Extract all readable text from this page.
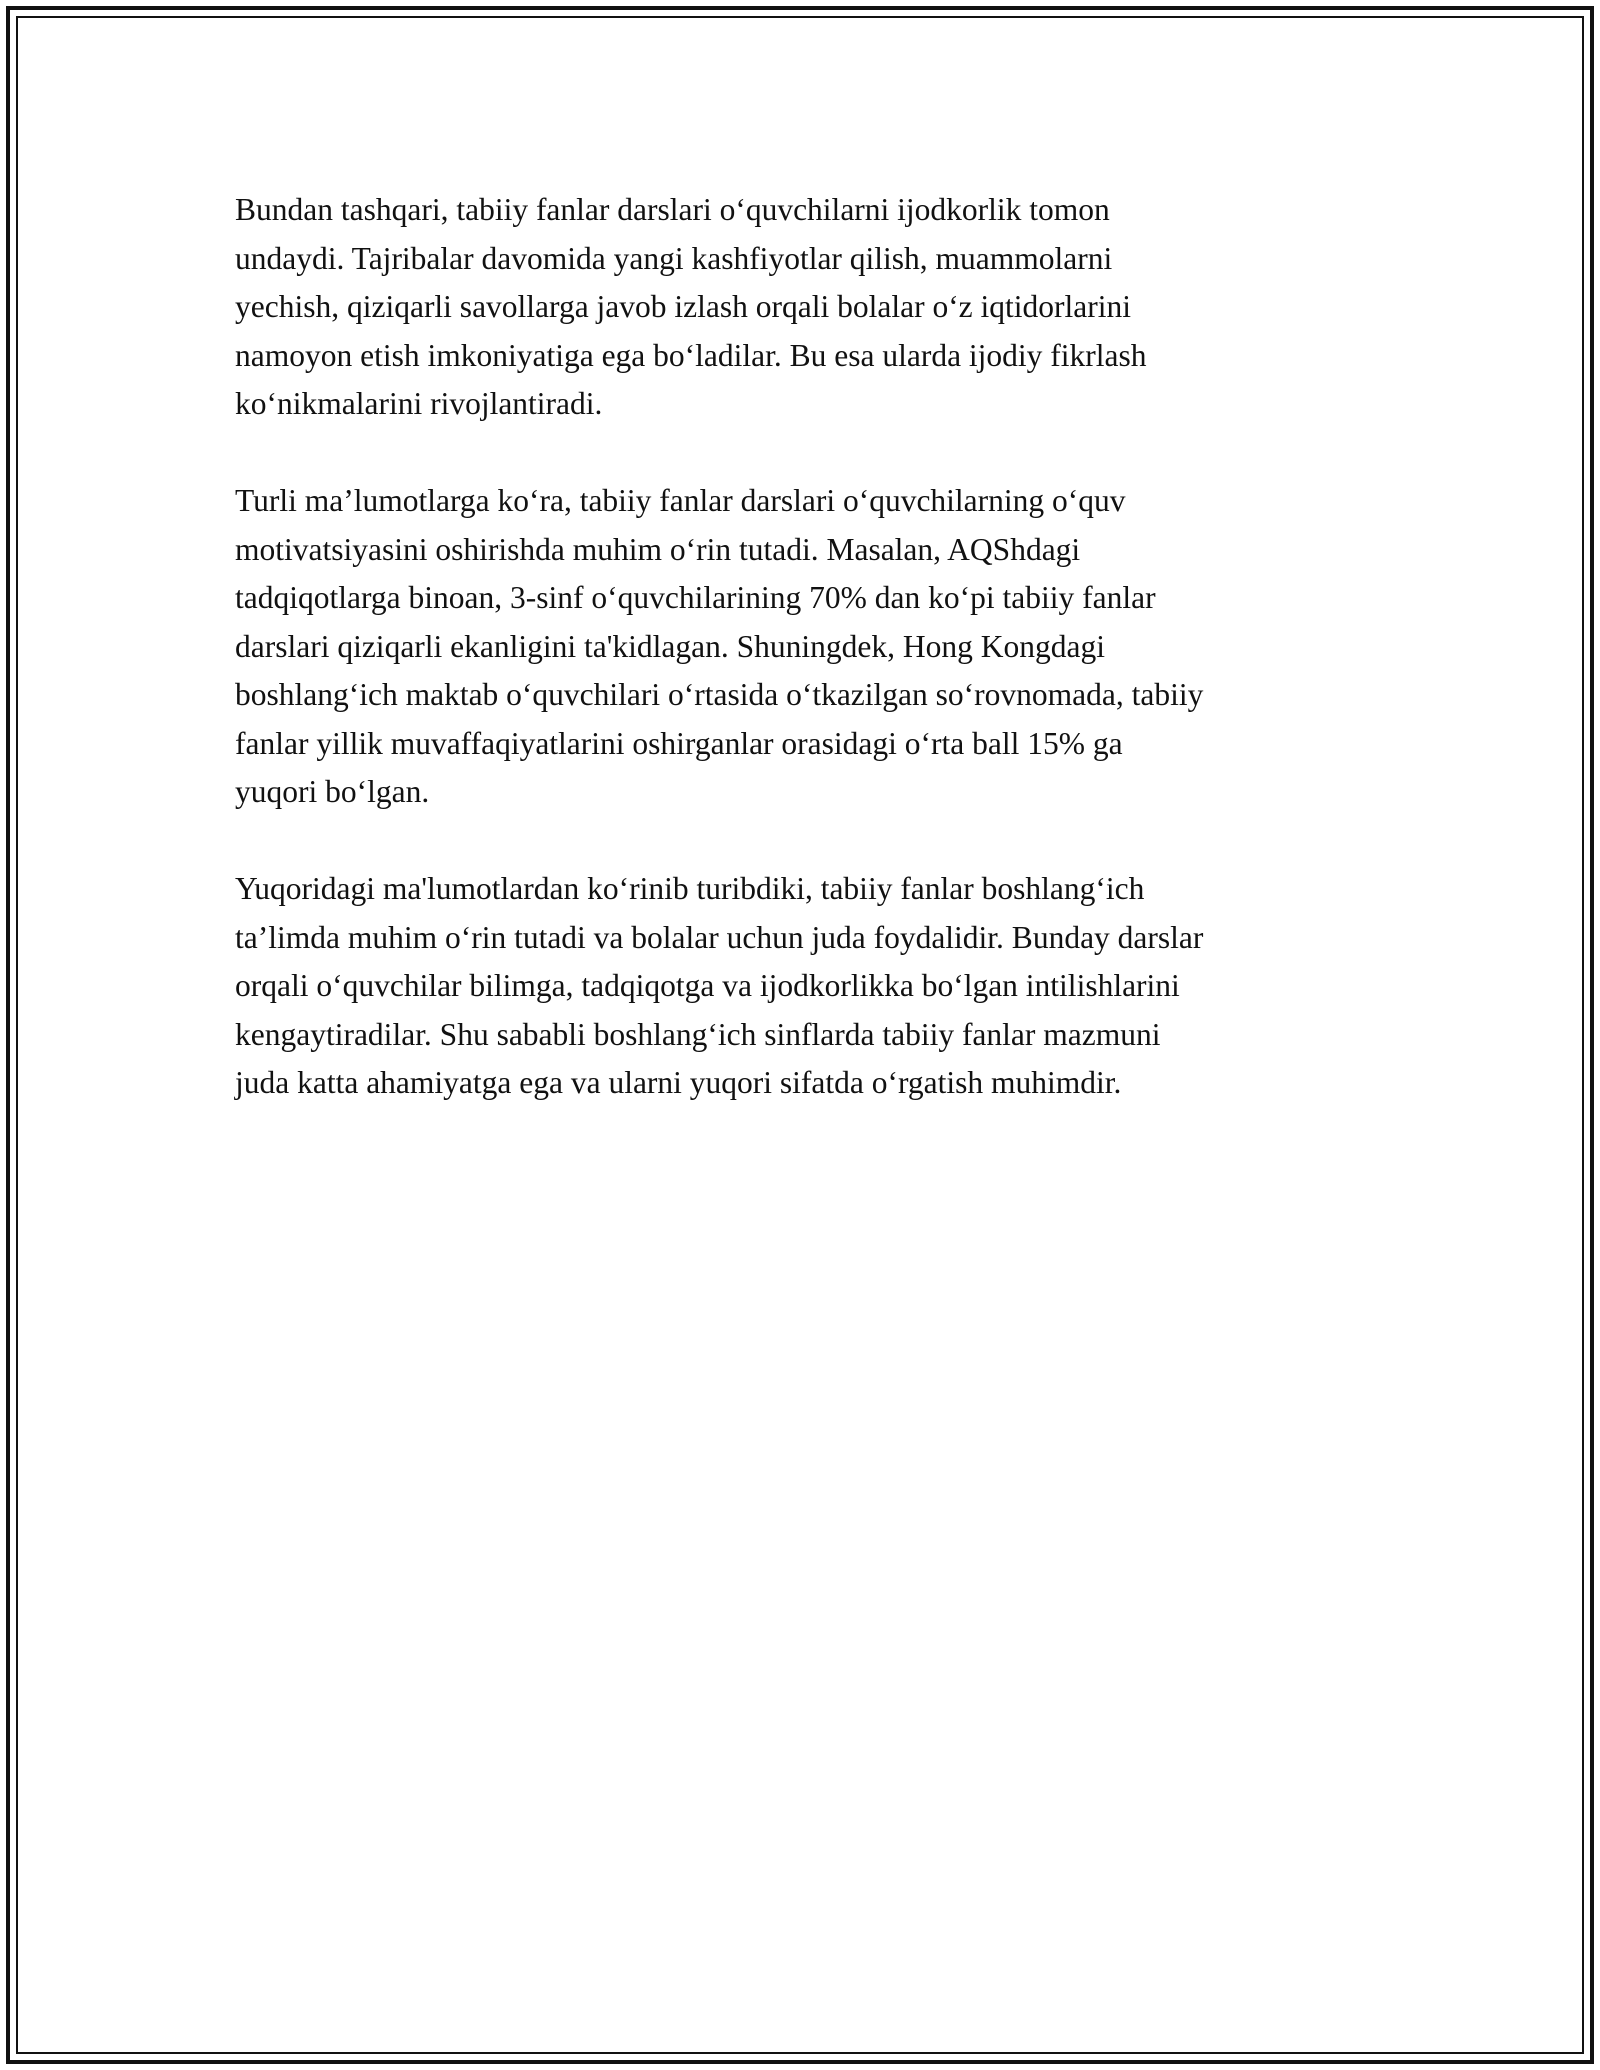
Bundan tashqari, tabiiy fanlar darslari o‘quvchilarni ijodkorlik tomon
undaydi. Tajribalar davomida yangi kashfiyotlar qilish, muammolarni
yechish, qiziqarli savollarga javob izlash orqali bolalar o‘z iqtidorlarini
namoyon etish imkoniyatiga ega bo‘ladilar. Bu esa ularda ijodiy fikrlash
ko‘nikmalarini rivojlantiradi.

Turli ma’lumotlarga ko‘ra, tabiiy fanlar darslari o‘quvchilarning o‘quv
motivatsiyasini oshirishda muhim o‘rin tutadi. Masalan, AQShdagi
tadqiqotlarga binoan, 3-sinf o‘quvchilarining 70% dan ko‘pi tabiiy fanlar
darslari qiziqarli ekanligini ta'kidlagan. Shuningdek, Hong Kongdagi
boshlang‘ich maktab o‘quvchilari o‘rtasida o‘tkazilgan so‘rovnomada, tabiiy
fanlar yillik muvaffaqiyatlarini oshirganlar orasidagi o‘rta ball 15% ga
yuqori bo‘lgan.

Yuqoridagi ma'lumotlardan ko‘rinib turibdiki, tabiiy fanlar boshlang‘ich
ta’limda muhim o‘rin tutadi va bolalar uchun juda foydalidir. Bunday darslar
orqali o‘quvchilar bilimga, tadqiqotga va ijodkorlikka bo‘lgan intilishlarini
kengaytiradilar. Shu sababli boshlang‘ich sinflarda tabiiy fanlar mazmuni
juda katta ahamiyatga ega va ularni yuqori sifatda o‘rgatish muhimdir.
